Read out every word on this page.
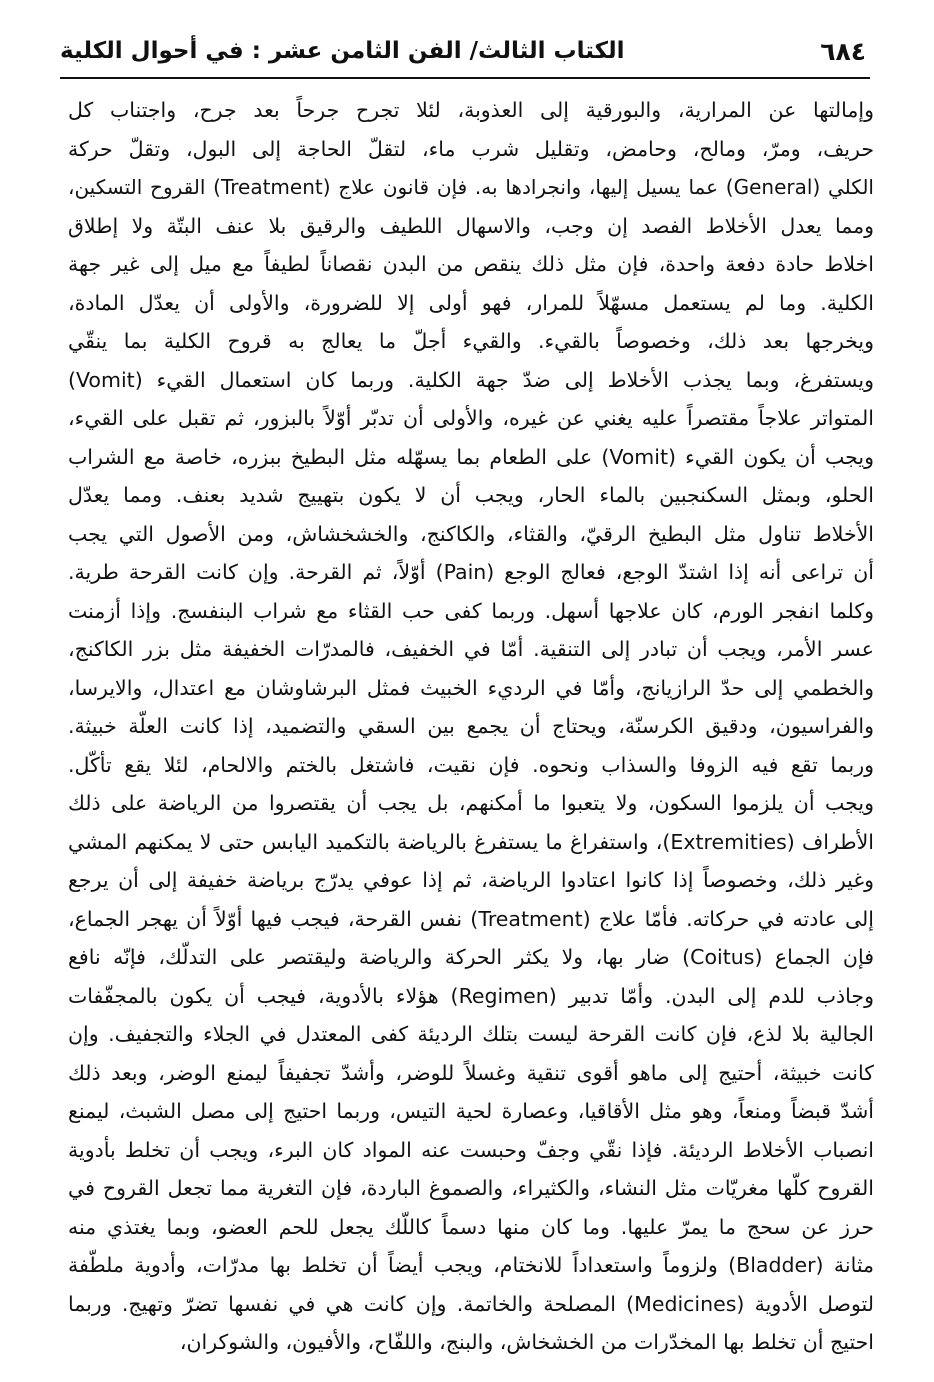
٦٨٤
الكتاب الثالث/ الفن الثامن عشر : في أحوال الكلية
وإمالتها عن المرارية، والبورقية إلى العذوبة، لئلا تجرح جرحاً بعد جرح، واجتناب كل
حريف، ومرّ، ومالح، وحامض، وتقليل شرب ماء، لتقلّ الحاجة إلى البول، وتقلّ حركة
الكلي (General) عما يسيل إليها، وانجرادها به. فإن قانون علاج (Treatment) القروح التسكين،
ومما يعدل الأخلاط الفصد إن وجب، والاسهال اللطيف والرقيق بلا عنف البتّة ولا إطلاق
اخلاط حادة دفعة واحدة، فإن مثل ذلك ينقص من البدن نقصاناً لطيفاً مع ميل إلى غير جهة
الكلية. وما لم يستعمل مسهّلاً للمرار، فهو أولى إلا للضرورة، والأولى أن يعدّل المادة،
ويخرجها بعد ذلك، وخصوصاً بالقيء. والقيء أجلّ ما يعالج به قروح الكلية بما ينقّي
ويستفرغ، وبما يجذب الأخلاط إلى ضدّ جهة الكلية. وربما كان استعمال القيء (Vomit)
المتواتر علاجاً مقتصراً عليه يغني عن غيره، والأولى أن تدبّر أوّلاً بالبزور، ثم تقبل على القيء،
ويجب أن يكون القيء (Vomit) على الطعام بما يسهّله مثل البطيخ ببزره، خاصة مع الشراب
الحلو، وبمثل السكنجبين بالماء الحار، ويجب أن لا يكون بتهييج شديد بعنف. ومما يعدّل
الأخلاط تناول مثل البطيخ الرقيّ، والقثاء، والكاكنج، والخشخشاش، ومن الأصول التي يجب
أن تراعى أنه إذا اشتدّ الوجع، فعالج الوجع (Pain) أوّلاً، ثم القرحة. وإن كانت القرحة طرية.
وكلما انفجر الورم، كان علاجها أسهل. وربما كفى حب القثاء مع شراب البنفسج. وإذا أزمنت
عسر الأمر، ويجب أن تبادر إلى التنقية. أمّا في الخفيف، فالمدرّات الخفيفة مثل بزر الكاكنج،
والخطمي إلى حدّ الرازيانج، وأمّا في الرديء الخبيث فمثل البرشاوشان مع اعتدال، والايرسا،
والفراسيون، ودقيق الكرسنّة، ويحتاج أن يجمع بين السقي والتضميد، إذا كانت العلّة خبيثة.
وربما تقع فيه الزوفا والسذاب ونحوه. فإن نقيت، فاشتغل بالختم والالحام، لئلا يقع تأكّل.
ويجب أن يلزموا السكون، ولا يتعبوا ما أمكنهم، بل يجب أن يقتصروا من الرياضة على ذلك
الأطراف (Extremities)، واستفراغ ما يستفرغ بالرياضة بالتكميد اليابس حتى لا يمكنهم المشي
وغير ذلك، وخصوصاً إذا كانوا اعتادوا الرياضة، ثم إذا عوفي يدرّج برياضة خفيفة إلى أن يرجع
إلى عادته في حركاته. فأمّا علاج (Treatment) نفس القرحة، فيجب فيها أوّلاً أن يهجر الجماع،
فإن الجماع (Coitus) ضار بها، ولا يكثر الحركة والرياضة وليقتصر على التدلّك، فإنّه نافع
وجاذب للدم إلى البدن. وأمّا تدبير (Regimen) هؤلاء بالأدوية، فيجب أن يكون بالمجفّفات
الجالية بلا لذع، فإن كانت القرحة ليست بتلك الرديئة كفى المعتدل في الجلاء والتجفيف. وإن
كانت خبيثة، أحتيج إلى ماهو أقوى تنقية وغسلاً للوضر، وأشدّ تجفيفاً ليمنع الوضر، وبعد ذلك
أشدّ قبضاً ومنعاً، وهو مثل الأقاقيا، وعصارة لحية التيس، وربما احتيج إلى مصل الشبث، ليمنع
انصباب الأخلاط الرديئة. فإذا نقّي وجفّ وحبست عنه المواد كان البرء، ويجب أن تخلط بأدوية
القروح كلّها مغريّات مثل النشاء، والكثيراء، والصموغ الباردة، فإن التغرية مما تجعل القروح في
حرز عن سحج ما يمرّ عليها. وما كان منها دسماً كاللّك يجعل للحم العضو، وبما يغتذي منه
مثانة (Bladder) ولزوماً واستعداداً للانختام، ويجب أيضاً أن تخلط بها مدرّات، وأدوية ملطّفة
لتوصل الأدوية (Medicines) المصلحة والخاتمة. وإن كانت هي في نفسها تضرّ وتهيج. وربما
احتيج أن تخلط بها المخدّرات من الخشخاش، والبنج، واللفّاح، والأفيون، والشوكران،
